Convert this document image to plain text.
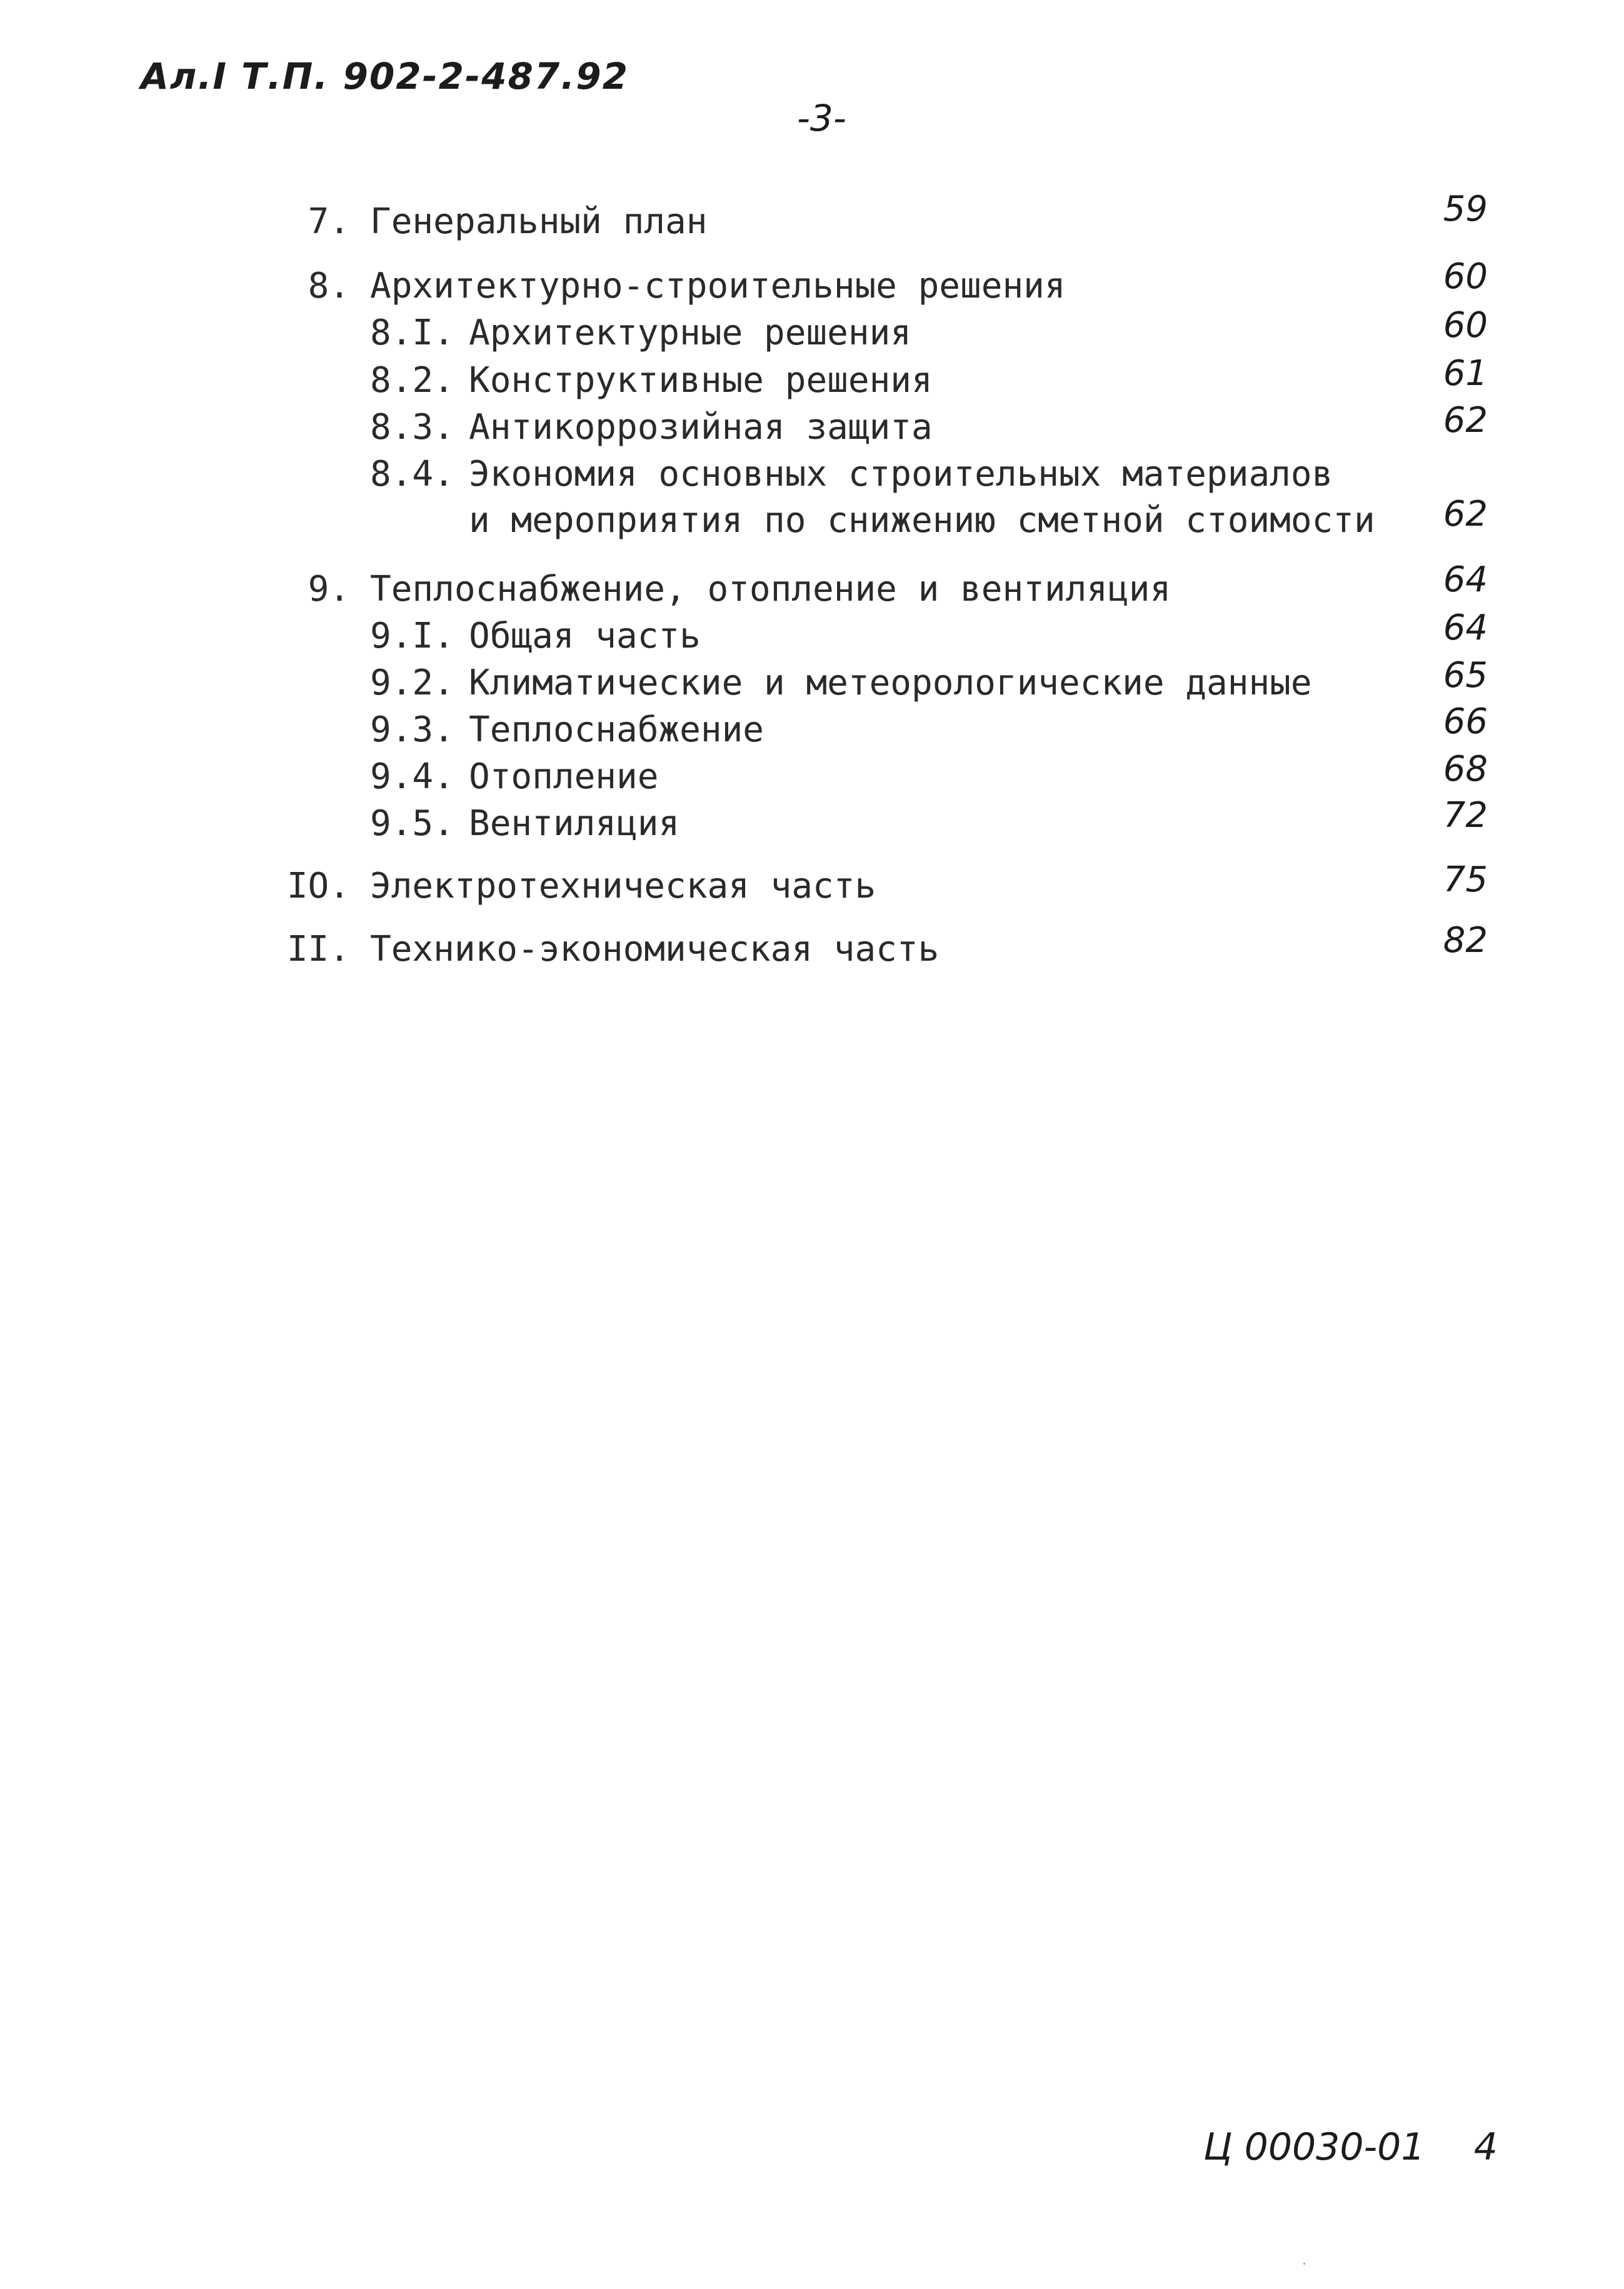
Ал.I Т.П. 902-2-487.92
-3-
7. Генеральный план	59
8. Архитектурно-строительные решения	60
8.I. Архитектурные решения	60
8.2. Конструктивные решения	61
8.3. Антикоррозийная защита	62
8.4. Экономия основных строительных материалов
и мероприятия по снижению сметной стоимости	62
9. Теплоснабжение, отопление и вентиляция	64
9.I. Общая часть	64
9.2. Климатические и метеорологические данные	65
9.3. Теплоснабжение	66
9.4. Отопление	68
9.5. Вентиляция	72
IO. Электротехническая часть	75
II. Технико-экономическая часть	82
Ц 00030-01 4
